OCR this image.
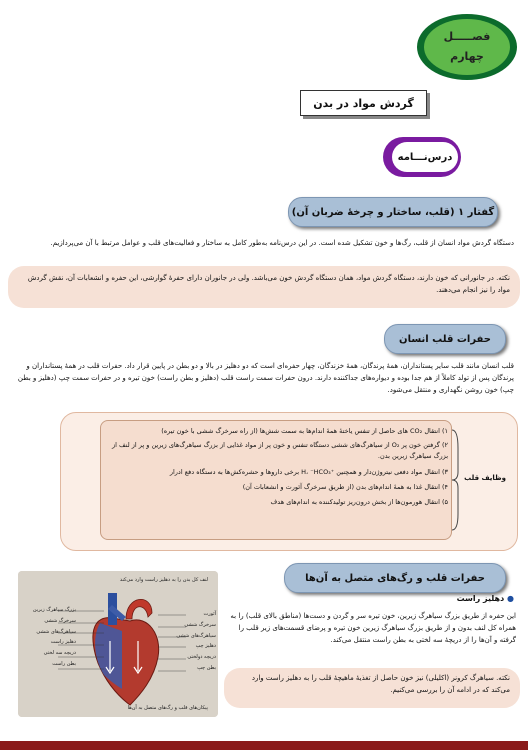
فصـــــل
چهارم
گردش مواد در بدن
درس‌نـــامه
گفتار ۱ (قلب، ساختار و چرخهٔ ضربان آن)
دستگاه گردش مواد انسان از قلب، رگ‌ها و خون تشکیل شده است. در این درس‌نامه به‌طور کامل به ساختار و فعالیت‌های قلب و عوامل مرتبط با آن می‌پردازیم.
نکته. در جانورانی که خون دارند، دستگاه گردش مواد، همان دستگاه گردش خون می‌باشد. ولی در جانوران دارای حفرهٔ گوارشی، این حفره و انشعابات آن، نقش گردش مواد را نیز انجام می‌دهند.
حفرات قلب انسان
قلب انسان مانند قلب سایر پستانداران، همهٔ پرندگان، همهٔ خزندگان، چهار حفره‌ای است که دو دهلیز در بالا و دو بطن در پایین قرار داد. حفرات قلب در همهٔ پستانداران و پرندگان پس از تولد کاملاً از هم جدا بوده و دیواره‌های جداکننده دارند. درون حفرات سمت راست قلب (دهلیز و بطن راست) خون تیره و در حفرات سمت چپ (دهلیز و بطن چپ) خون روشن نگهداری و منتقل می‌شود.
وظایف قلب
۱) انتقال CO₂ های حاصل از تنفس یاختهٔ همهٔ اندام‌ها به سمت شش‌ها (از راه سرخرگ ششی با خون تیره)
۲) گرفتن خون پر O₂ از سیاهرگ‌های ششی دستگاه تنفس و خون پر از مواد غذایی از بزرگ سیاهرگ‌های زیرین و پر از لنف از بزرگ سیاهرگ زبرین بدن.
۳) انتقال مواد دفعی نیتروژن‌دار و همچنین ⁺H، ⁻HCO₃ برخی داروها و حشره‌کش‌ها به دستگاه دفع ادرار
۴) انتقال غذا به همهٔ اندام‌های بدن (از طریق سرخرگ آئورت و انشعابات آن)
۵) انتقال هورمون‌ها از بخش درون‌ریز تولیدکننده به اندام‌های هدف
حفرات قلب و رگ‌های متصل به آن‌ها
● دهلیز راست
این حفره از طریق بزرگ سیاهرگ زیرین، خون تیره سر و گردن و دست‌ها (مناطق بالای قلب) را به همراه کل لنف بدون و از طریق بزرگ سیاهرگ زیرین خون تیره و پرضای قسمت‌های زیر قلب را گرفته و آن‌ها را از دریچهٔ سه لختی به بطن راست منتقل می‌کند.
نکته. سیاهرگ کرونر (اکلیلی) نیز خون حاصل از تغذیهٔ ماهیچهٔ قلب را به دهلیز راست وارد می‌کند که در ادامه آن را بررسی می‌کنیم.
لنف کل بدن را به دهلیز راست وارد می‌کند
آئورت
سرخرگ ششی
سیاهرگ‌های ششی
دهلیز چپ
دریچه دولختی
بطن چپ
بزرگ سیاهرگ زبرین
سرخرگ ششی
سیاهرگ‌های ششی
دهلیز راست
دریچه سه لختی
بطن راست
پیکان‌های قلب و رگ‌های متصل به آن‌ها
